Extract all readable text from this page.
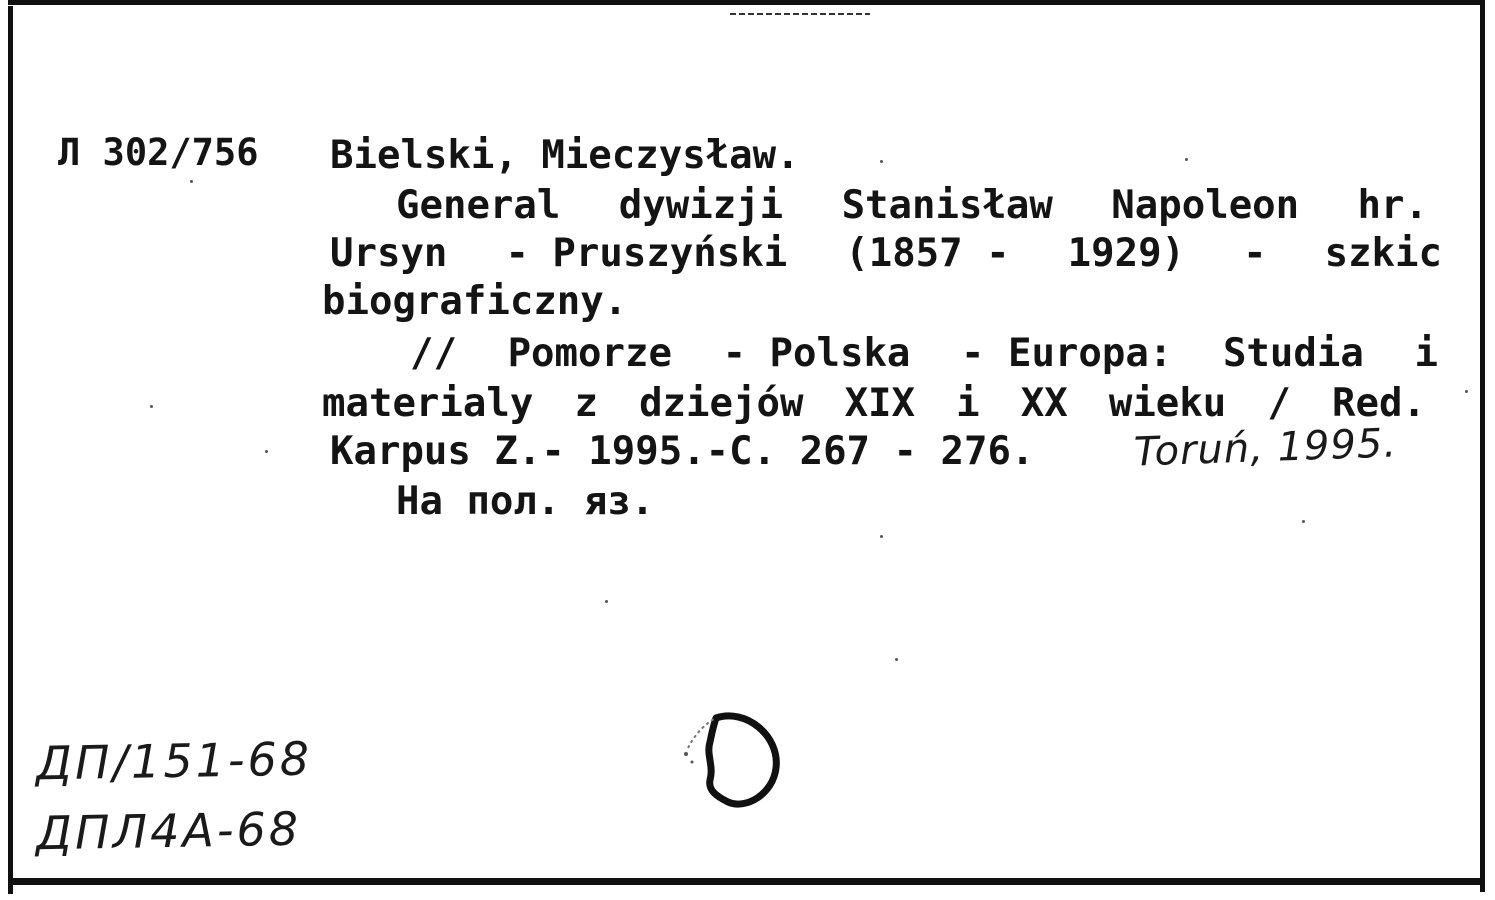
Л 302/756 Bielski, Mieczysław.
General dywizji Stanisław Napoleon hr.
Ursyn - Pruszyński (1857 - 1929) - szkic
biograficzny.
// Pomorze - Polska - Europa: Studia i
materialy z dziejów XIX i XX wieku / Red.
Karpus Z.- 1995.-C. 267 - 276. Toruń, 1995.
На пол. яз.
ДП/151-68
ДПЛ4А-68
